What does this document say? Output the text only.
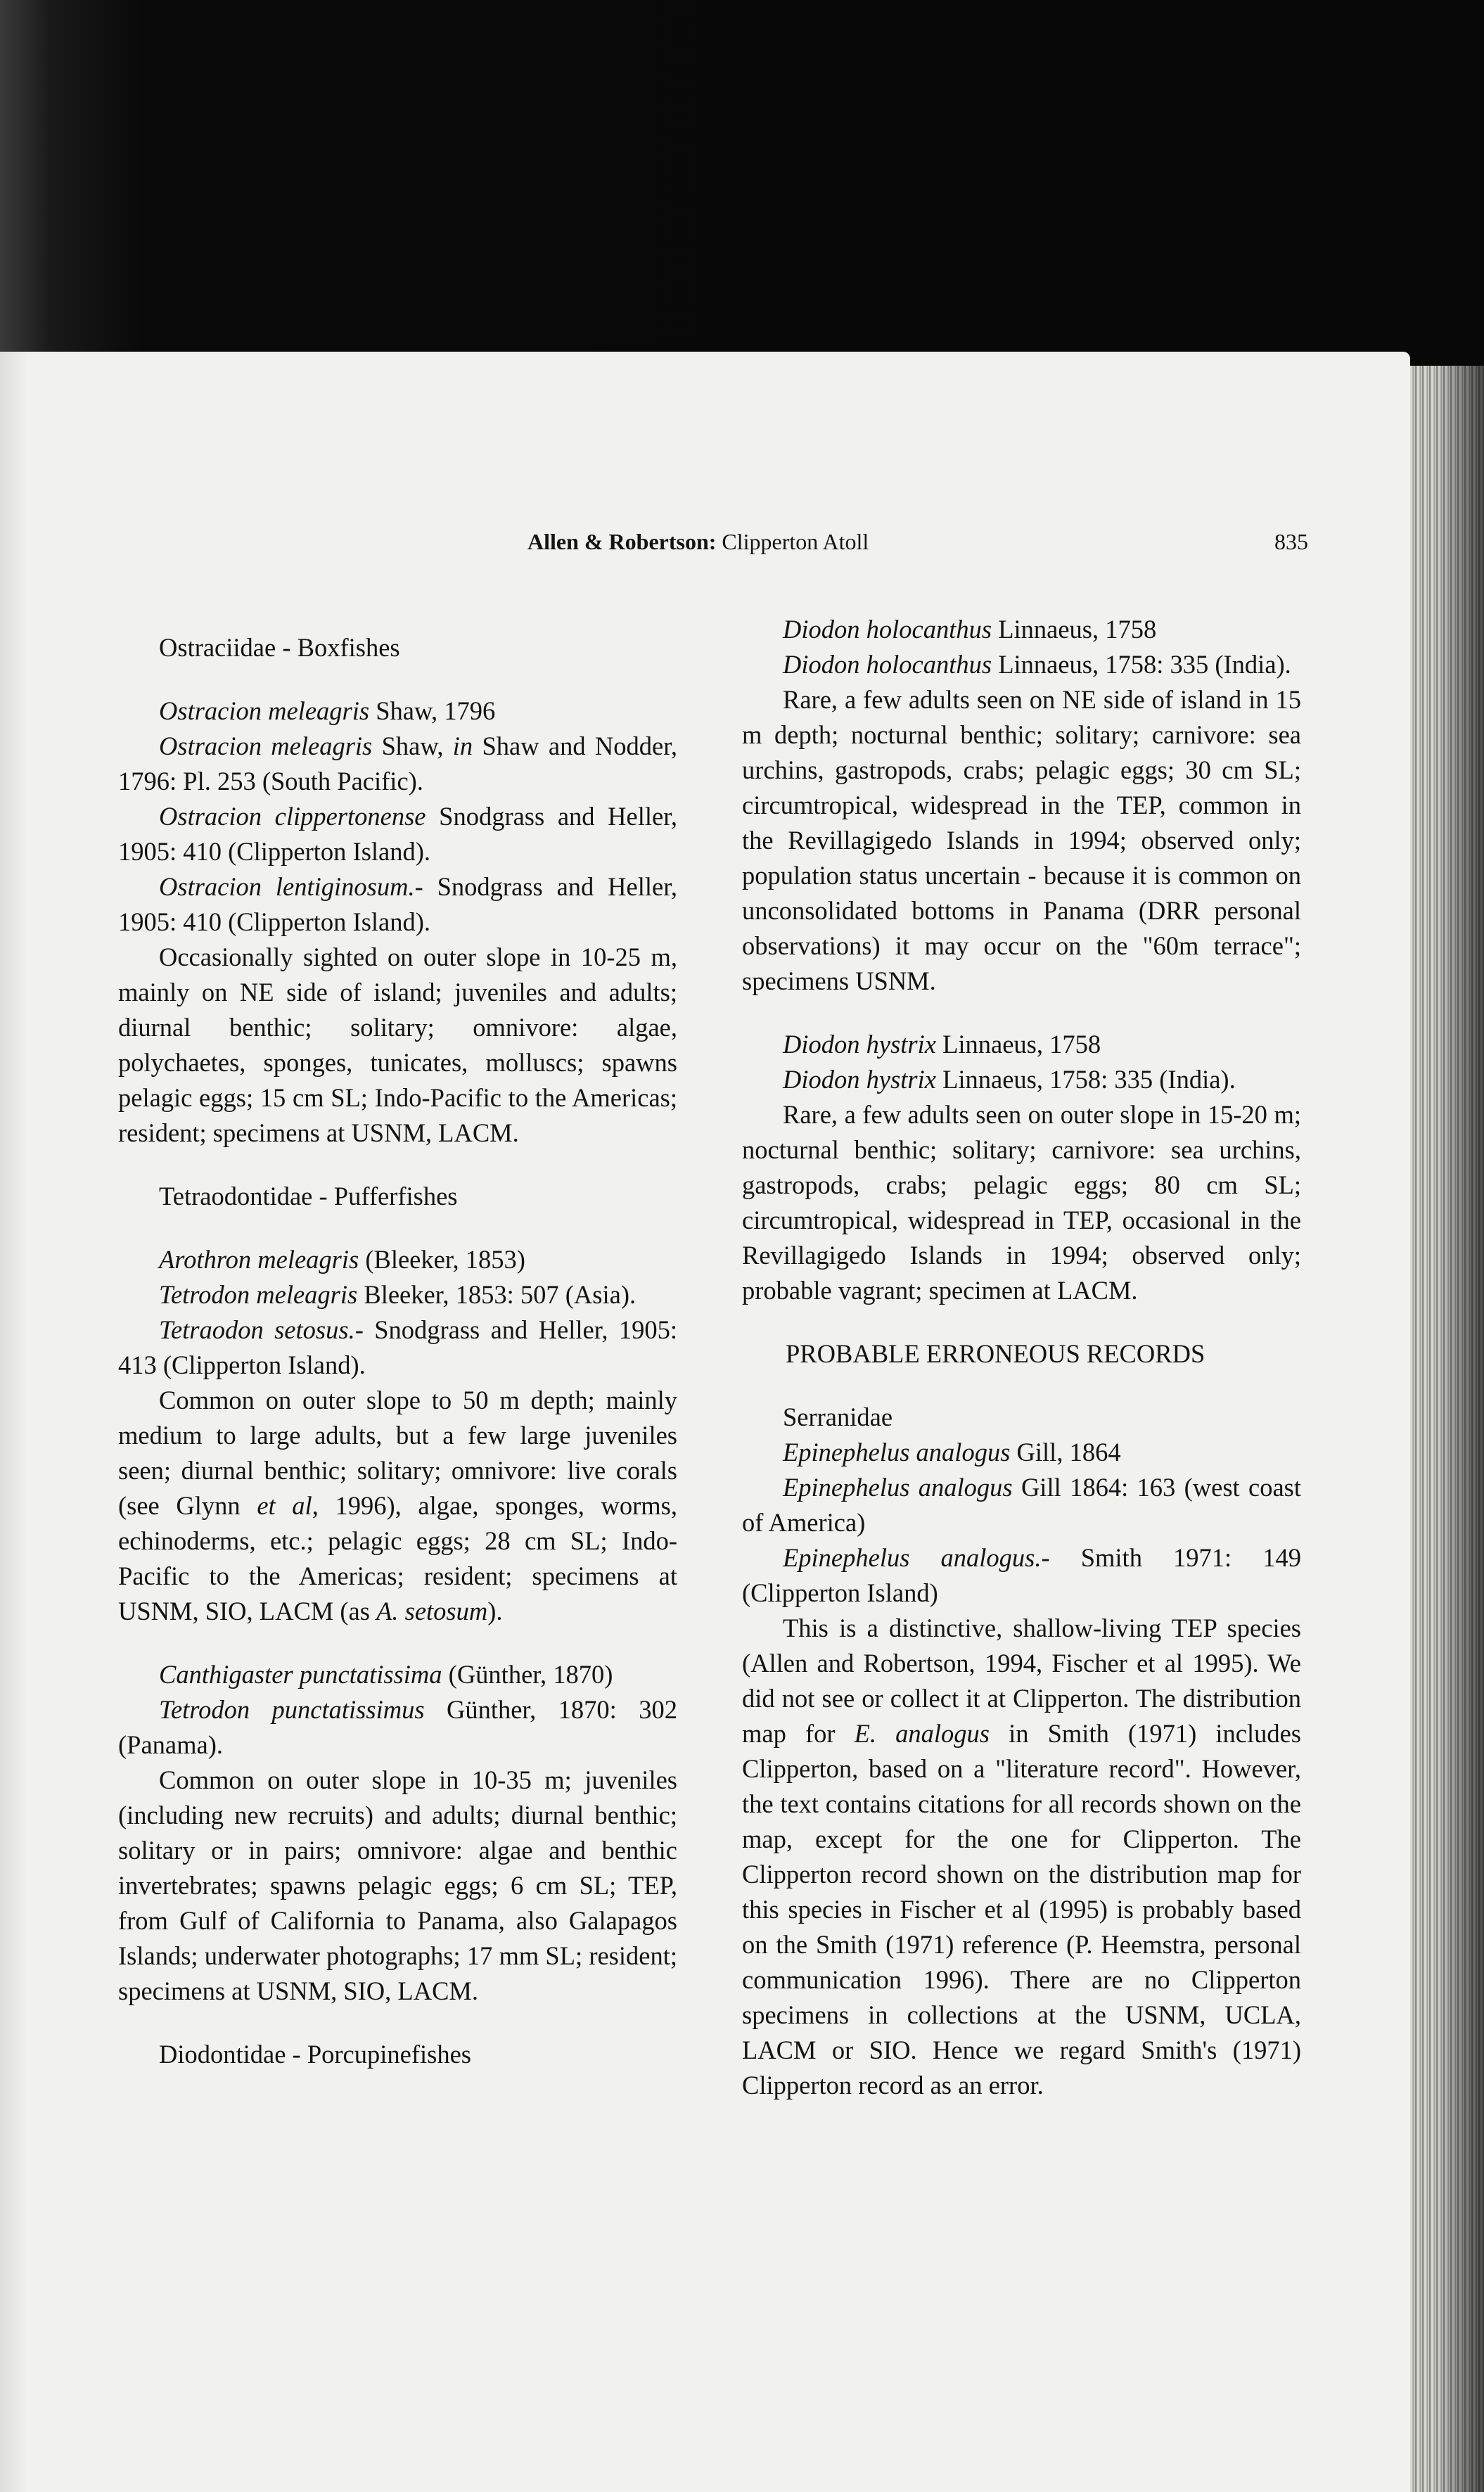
Allen & Robertson: Clipperton Atoll	835

Ostraciidae - Boxfishes

Ostracion meleagris Shaw, 1796

Ostracion meleagris Shaw, in Shaw and Nodder, 1796: Pl. 253 (South Pacific).

Ostracion clippertonense Snodgrass and Heller, 1905: 410 (Clipperton Island).

Ostracion lentiginosum.- Snodgrass and Heller, 1905: 410 (Clipperton Island).

Occasionally sighted on outer slope in 10-25 m, mainly on NE side of island; juveniles and adults; diurnal benthic; solitary; omnivore: algae, polychaetes, sponges, tunicates, molluscs; spawns pelagic eggs; 15 cm SL; Indo-Pacific to the Americas; resident; specimens at USNM, LACM.

Tetraodontidae - Pufferfishes

Arothron meleagris (Bleeker, 1853)

Tetrodon meleagris Bleeker, 1853: 507 (Asia).

Tetraodon setosus.- Snodgrass and Heller, 1905: 413 (Clipperton Island).

Common on outer slope to 50 m depth; mainly medium to large adults, but a few large juveniles seen; diurnal benthic; solitary; omnivore: live corals (see Glynn et al, 1996), algae, sponges, worms, echinoderms, etc.; pelagic eggs; 28 cm SL; Indo-Pacific to the Americas; resident; specimens at USNM, SIO, LACM (as A. setosum).

Canthigaster punctatissima (Günther, 1870)

Tetrodon punctatissimus Günther, 1870: 302 (Panama).

Common on outer slope in 10-35 m; juveniles (including new recruits) and adults; diurnal benthic; solitary or in pairs; omnivore: algae and benthic invertebrates; spawns pelagic eggs; 6 cm SL; TEP, from Gulf of California to Panama, also Galapagos Islands; underwater photographs; 17 mm SL; resident; specimens at USNM, SIO, LACM.

Diodontidae - Porcupinefishes

Diodon holocanthus Linnaeus, 1758

Diodon holocanthus Linnaeus, 1758: 335 (India).

Rare, a few adults seen on NE side of island in 15 m depth; nocturnal benthic; solitary; carnivore: sea urchins, gastropods, crabs; pelagic eggs; 30 cm SL; circumtropical, widespread in the TEP, common in the Revillagigedo Islands in 1994; observed only; population status uncertain - because it is common on unconsolidated bottoms in Panama (DRR personal observations) it may occur on the "60m terrace"; specimens USNM.

Diodon hystrix Linnaeus, 1758

Diodon hystrix Linnaeus, 1758: 335 (India).

Rare, a few adults seen on outer slope in 15-20 m; nocturnal benthic; solitary; carnivore: sea urchins, gastropods, crabs; pelagic eggs; 80 cm SL; circumtropical, widespread in TEP, occasional in the Revillagigedo Islands in 1994; observed only; probable vagrant; specimen at LACM.

PROBABLE ERRONEOUS RECORDS

Serranidae

Epinephelus analogus Gill, 1864

Epinephelus analogus Gill 1864: 163 (west coast of America)

Epinephelus analogus.- Smith 1971: 149 (Clipperton Island)

This is a distinctive, shallow-living TEP species (Allen and Robertson, 1994, Fischer et al 1995). We did not see or collect it at Clipperton. The distribution map for E. analogus in Smith (1971) includes Clipperton, based on a "literature record". However, the text contains citations for all records shown on the map, except for the one for Clipperton. The Clipperton record shown on the distribution map for this species in Fischer et al (1995) is probably based on the Smith (1971) reference (P. Heemstra, personal communication 1996). There are no Clipperton specimens in collections at the USNM, UCLA, LACM or SIO. Hence we regard Smith's (1971) Clipperton record as an error.
